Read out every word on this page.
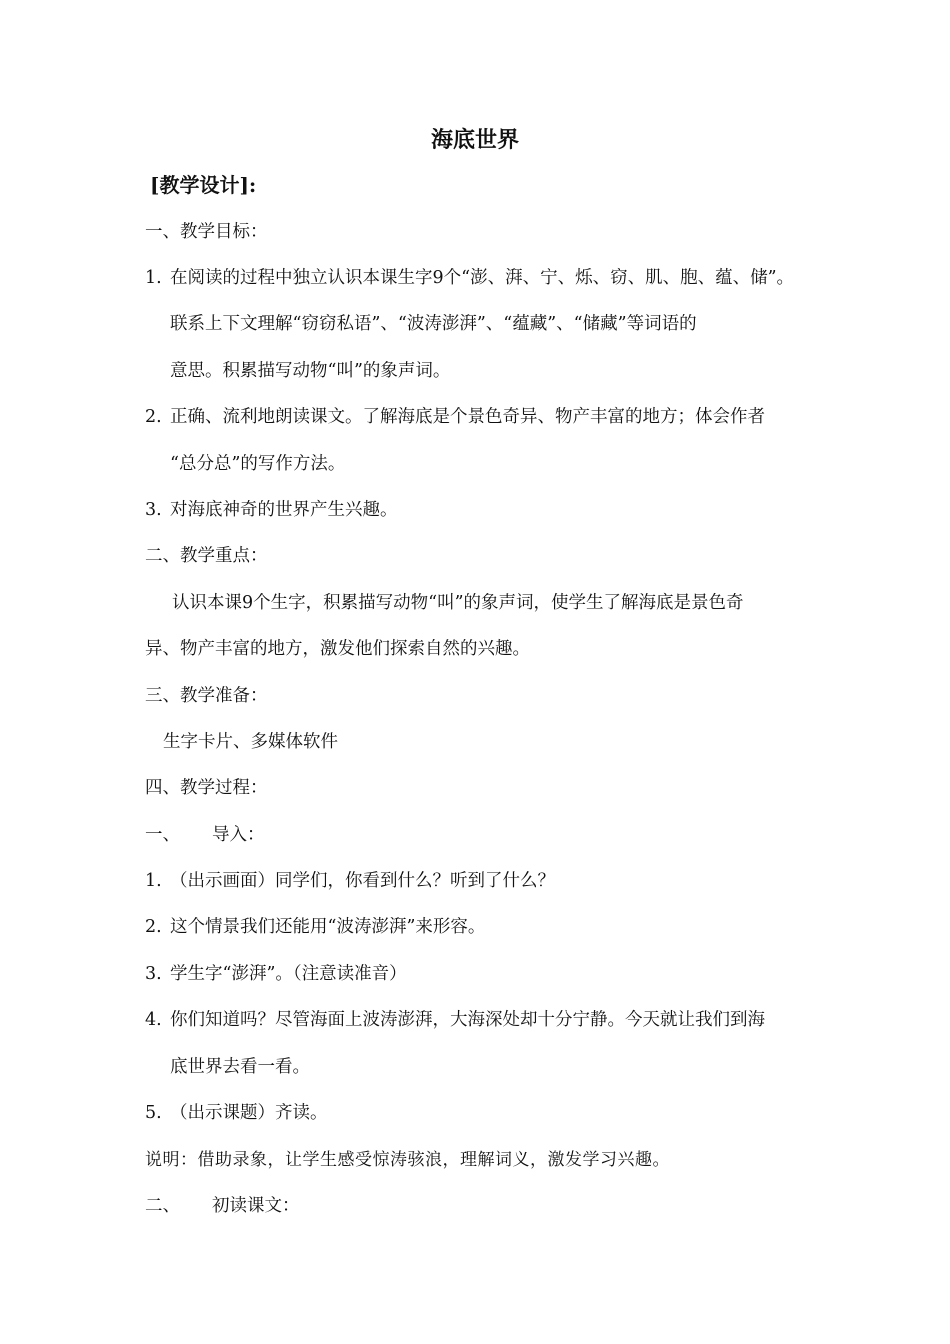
海底世界
[教学设计]:
一、教学目标：
1. 在阅读的过程中独立认识本课生字9个“澎、湃、宁、烁、窃、肌、胞、蕴、储”。
联系上下文理解“窃窃私语”、“波涛澎湃”、“蕴藏”、“储藏”等词语的
意思。积累描写动物“叫”的象声词。
2. 正确、流利地朗读课文。了解海底是个景色奇异、物产丰富的地方；体会作者
“总分总”的写作方法。
3. 对海底神奇的世界产生兴趣。
二、教学重点：
认识本课9个生字，积累描写动物“叫”的象声词，使学生了解海底是景色奇
异、物产丰富的地方，激发他们探索自然的兴趣。
三、教学准备：
生字卡片、多媒体软件
四、教学过程：
一、 导入：
1. （出示画面）同学们，你看到什么？听到了什么？
2. 这个情景我们还能用“波涛澎湃”来形容。
3. 学生字“澎湃”。（注意读准音）
4. 你们知道吗？尽管海面上波涛澎湃，大海深处却十分宁静。今天就让我们到海
底世界去看一看。
5. （出示课题）齐读。
说明：借助录象，让学生感受惊涛骇浪，理解词义，激发学习兴趣。
二、 初读课文：
